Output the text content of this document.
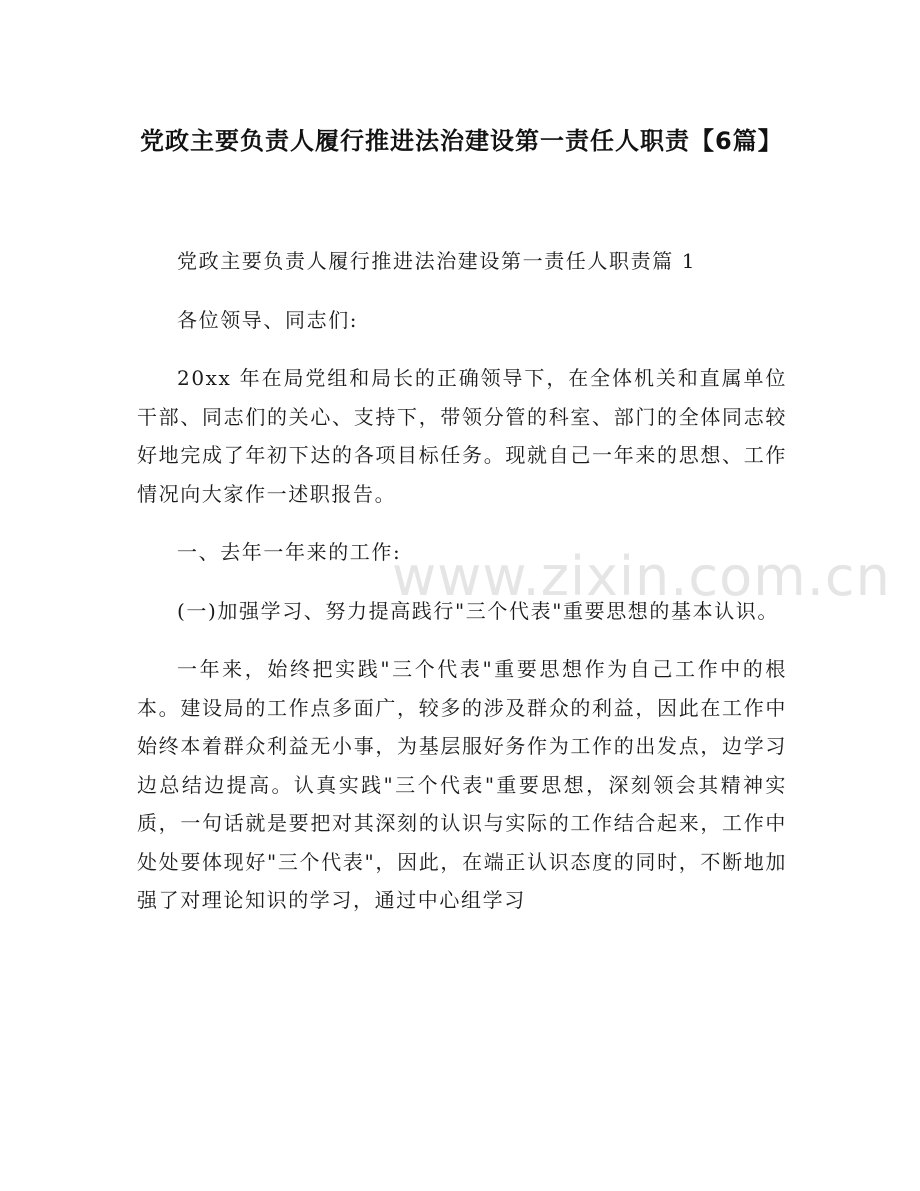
党政主要负责人履行推进法治建设第一责任人职责【6篇】

党政主要负责人履行推进法治建设第一责任人职责篇 1

各位领导、同志们:

20xx 年在局党组和局长的正确领导下，在全体机关和直属单位干部、同志们的关心、支持下，带领分管的科室、部门的全体同志较好地完成了年初下达的各项目标任务。现就自己一年来的思想、工作情况向大家作一述职报告。

一、去年一年来的工作:

(一)加强学习、努力提高践行"三个代表"重要思想的基本认识。

一年来，始终把实践"三个代表"重要思想作为自己工作中的根本。建设局的工作点多面广，较多的涉及群众的利益，因此在工作中始终本着群众利益无小事，为基层服好务作为工作的出发点，边学习边总结边提高。认真实践"三个代表"重要思想，深刻领会其精神实质，一句话就是要把对其深刻的认识与实际的工作结合起来，工作中处处要体现好"三个代表"，因此，在端正认识态度的同时，不断地加强了对理论知识的学习，通过中心组学习

www.zixin.com.cn
